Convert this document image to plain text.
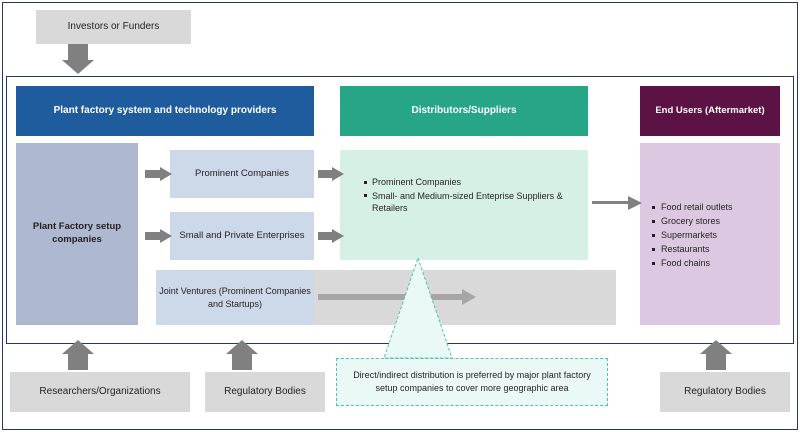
Investors or Funders
Plant factory system and technology providers	Distributors/Suppliers	End Users (Aftermarket)
Plant Factory setup companies
Prominent Companies
Small and Private Enterprises
Joint Ventures (Prominent Companies and Startups)
Prominent Companies
Small- and Medium-sized Enteprise Suppliers & Retailers	Food retail outlets
Grocery stores
Supermarkets
Restaurants
Food chains
Researchers/Organizations	Regulatory Bodies	Regulatory Bodies
Direct/indirect distribution is preferred by major plant factory setup companies to cover more geographic area
